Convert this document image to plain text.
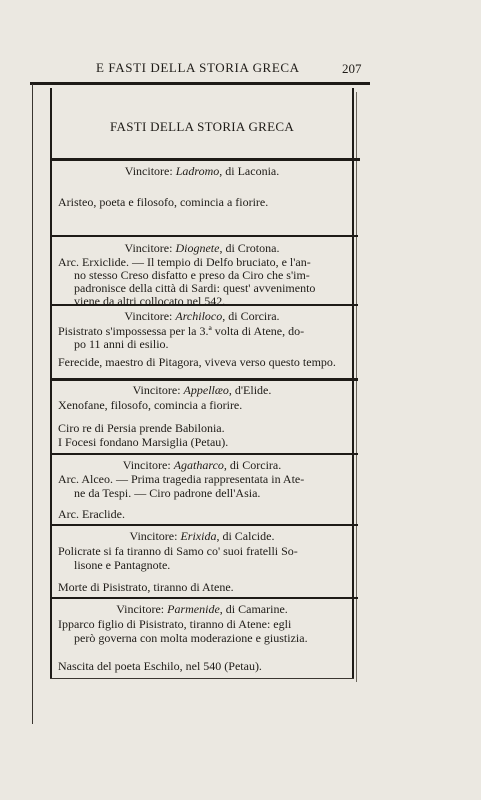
E FASTI DELLA STORIA GRECA	207
FASTI DELLA STORIA GRECA
Vincitore: Ladromo, di Laconia.
Aristeo, poeta e filosofo, comincia a fiorire.
Vincitore: Diognete, di Crotona.
Arc. Erxiclide. — Il tempio di Delfo bruciato, e l'an-
no stesso Creso disfatto e preso da Ciro che s'im-
padronisce della città di Sardi: quest' avvenimento
viene da altri collocato nel 542.
Vincitore: Archiloco, di Corcira.
Pisistrato s'impossessa per la 3.ª volta di Atene, do-
po 11 anni di esilio.
Ferecide, maestro di Pitagora, viveva verso questo tempo.
Vincitore: Appellæo, d'Elide.
Xenofane, filosofo, comincia a fiorire.
Ciro re di Persia prende Babilonia.
I Focesi fondano Marsiglia (Petau).
Vincitore: Agatharco, di Corcira.
Arc. Alceo. — Prima tragedia rappresentata in Ate-
ne da Tespi. — Ciro padrone dell'Asia.
Arc. Eraclide.
Vincitore: Erixida, di Calcide.
Policrate si fa tiranno di Samo co' suoi fratelli So-
lisone e Pantagnote.
Morte di Pisistrato, tiranno di Atene.
Vincitore: Parmenide, di Camarine.
Ipparco figlio di Pisistrato, tiranno di Atene: egli
però governa con molta moderazione e giustizia.
Nascita del poeta Eschilo, nel 540 (Petau).
